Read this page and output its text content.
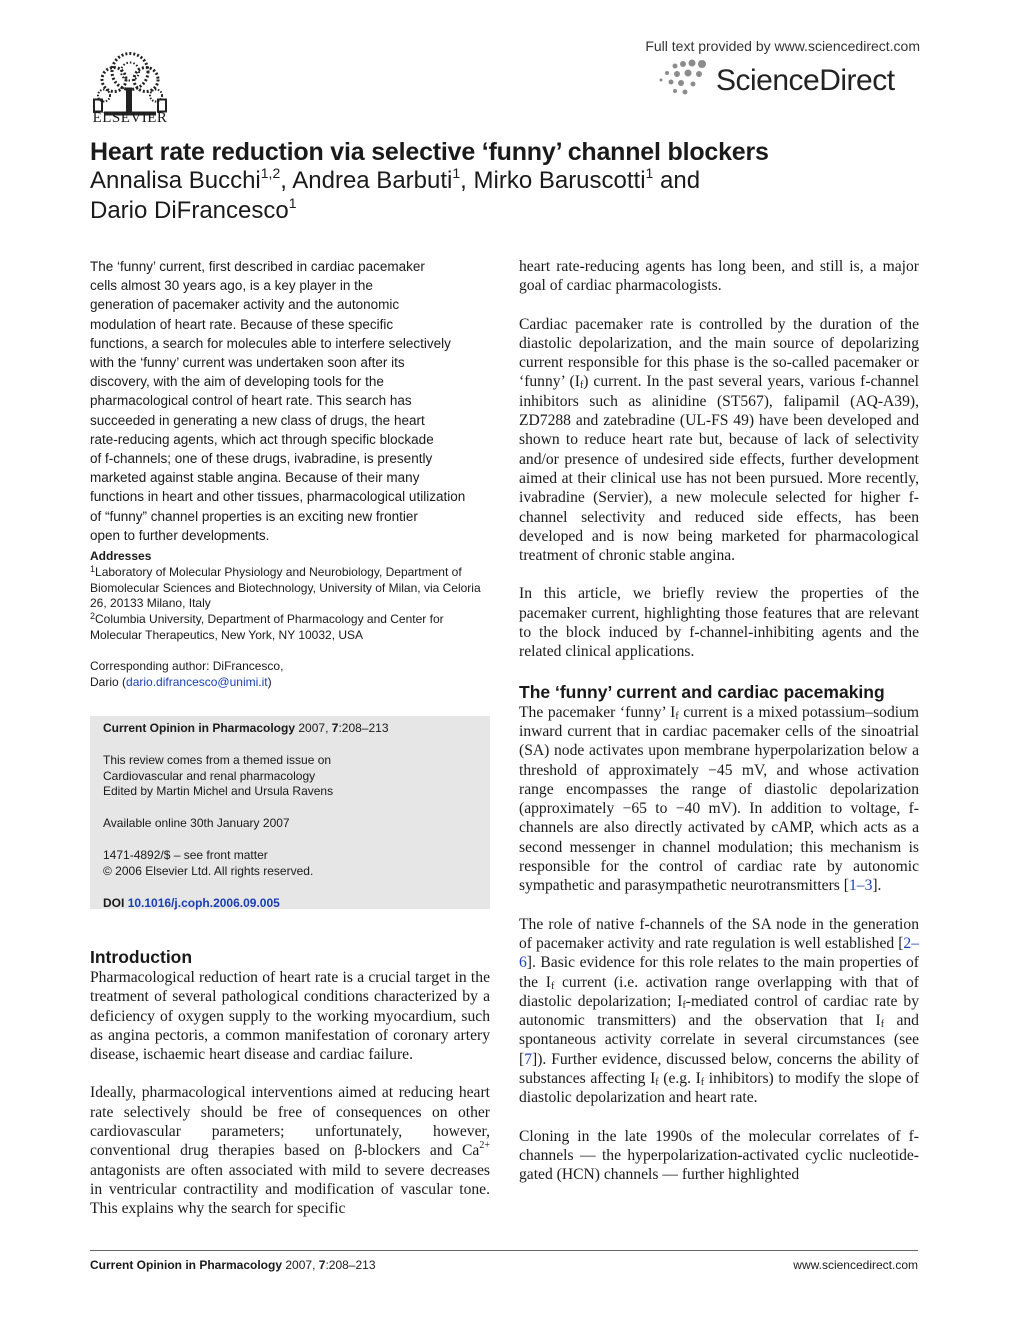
ELSEVIER
Full text provided by www.sciencedirect.com
ScienceDirect
Heart rate reduction via selective ‘funny’ channel blockers
Annalisa Bucchi$^{1,2}$, Andrea Barbuti$^1$, Mirko Baruscotti$^1$ and
Dario DiFrancesco$^1$
The ‘funny’ current, first described in cardiac pacemaker
cells almost 30 years ago, is a key player in the
generation of pacemaker activity and the autonomic
modulation of heart rate. Because of these specific
functions, a search for molecules able to interfere selectively
with the ‘funny’ current was undertaken soon after its
discovery, with the aim of developing tools for the
pharmacological control of heart rate. This search has
succeeded in generating a new class of drugs, the heart
rate-reducing agents, which act through specific blockade
of f-channels; one of these drugs, ivabradine, is presently
marketed against stable angina. Because of their many
functions in heart and other tissues, pharmacological utilization
of “funny” channel properties is an exciting new frontier
open to further developments.
Addresses
$^1$Laboratory of Molecular Physiology and Neurobiology, Department of Biomolecular Sciences and Biotechnology, University of Milan, via Celoria 26, 20133 Milano, Italy
$^2$Columbia University, Department of Pharmacology and Center for Molecular Therapeutics, New York, NY 10032, USA
Corresponding author: DiFrancesco,
Dario (dario.difrancesco@unimi.it)

Current Opinion in Pharmacology 2007, 7:208–213

This review comes from a themed issue on
Cardiovascular and renal pharmacology
Edited by Martin Michel and Ursula Ravens

Available online 30th January 2007

1471-4892/$ – see front matter
© 2006 Elsevier Ltd. All rights reserved.

DOI 10.1016/j.coph.2006.09.005

Introduction

Pharmacological reduction of heart rate is a crucial target in the treatment of several pathological conditions characterized by a deficiency of oxygen supply to the working myocardium, such as angina pectoris, a common manifestation of coronary artery disease, ischaemic heart disease and cardiac failure.

Ideally, pharmacological interventions aimed at reducing heart rate selectively should be free of consequences on other cardiovascular parameters; unfortunately, however, conventional drug therapies based on β-blockers and $Ca^{2+}$ antagonists are often associated with mild to severe decreases in ventricular contractility and modification of vascular tone. This explains why the search for specific

heart rate-reducing agents has long been, and still is, a major goal of cardiac pharmacologists.

Cardiac pacemaker rate is controlled by the duration of the diastolic depolarization, and the main source of depolarizing current responsible for this phase is the so-called pacemaker or ‘funny’ $(I_f)$ current. In the past several years, various f-channel inhibitors such as alinidine (ST567), falipamil (AQ-A39), ZD7288 and zatebradine (UL-FS 49) have been developed and shown to reduce heart rate but, because of lack of selectivity and/or presence of undesired side effects, further development aimed at their clinical use has not been pursued. More recently, ivabradine (Servier), a new molecule selected for higher f-channel selectivity and reduced side effects, has been developed and is now being marketed for pharmacological treatment of chronic stable angina.

In this article, we briefly review the properties of the pacemaker current, highlighting those features that are relevant to the block induced by f-channel-inhibiting agents and the related clinical applications.

The ‘funny’ current and cardiac pacemaking

The pacemaker ‘funny’ $I_f$ current is a mixed potassium–sodium inward current that in cardiac pacemaker cells of the sinoatrial (SA) node activates upon membrane hyperpolarization below a threshold of approximately −45 mV, and whose activation range encompasses the range of diastolic depolarization (approximately −65 to −40 mV). In addition to voltage, f-channels are also directly activated by cAMP, which acts as a second messenger in channel modulation; this mechanism is responsible for the control of cardiac rate by autonomic sympathetic and parasympathetic neurotransmitters [1–3].

The role of native f-channels of the SA node in the generation of pacemaker activity and rate regulation is well established [2–6]. Basic evidence for this role relates to the main properties of the $I_f$ current (i.e. activation range overlapping with that of diastolic depolarization; $I_f$-mediated control of cardiac rate by autonomic transmitters) and the observation that $I_f$ and spontaneous activity correlate in several circumstances (see [7]). Further evidence, discussed below, concerns the ability of substances affecting $I_f$ (e.g. $I_f$ inhibitors) to modify the slope of diastolic depolarization and heart rate.

Cloning in the late 1990s of the molecular correlates of f-channels — the hyperpolarization-activated cyclic nucleotide-gated (HCN) channels — further highlighted

Current Opinion in Pharmacology 2007, 7:208–213	www.sciencedirect.com
